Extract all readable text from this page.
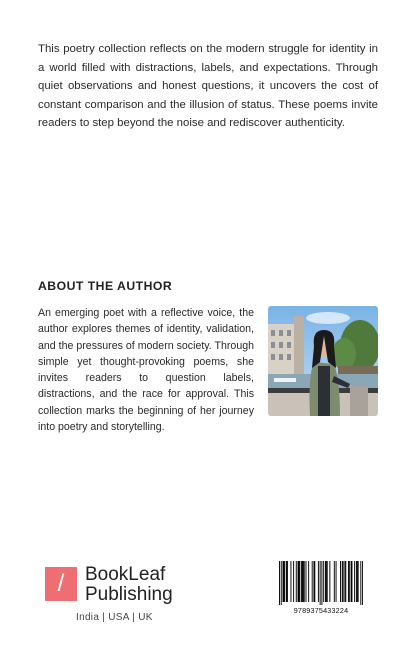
This poetry collection reflects on the modern struggle for identity in a world filled with distractions, labels, and expectations. Through quiet observations and honest questions, it uncovers the cost of constant comparison and the illusion of status. These poems invite readers to step beyond the noise and rediscover authenticity.

ABOUT THE AUTHOR

An emerging poet with a reflective voice, the author explores themes of identity, validation, and the pressures of modern society. Through simple yet thought-provoking poems, she invites readers to question labels, distractions, and the race for approval. This collection marks the beginning of her journey into poetry and storytelling.

/	BookLeaf
Publishing
India | USA | UK
9789375433224
